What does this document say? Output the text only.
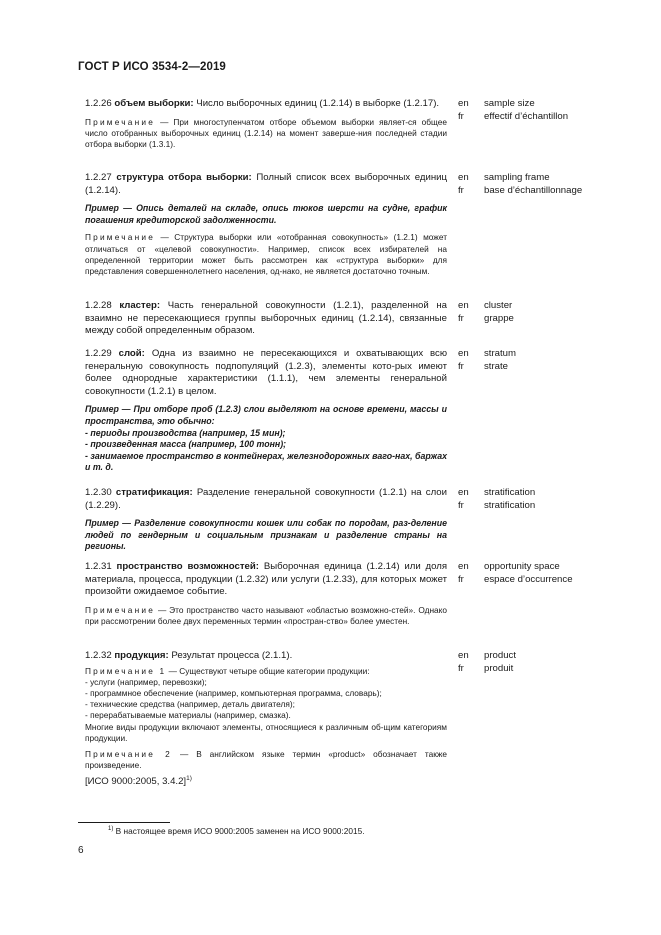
ГОСТ Р ИСО 3534-2—2019
1.2.26 объем выборки: Число выборочных единиц (1.2.14) в выборке (1.2.17).
Примечание — При многоступенчатом отборе объемом выборки являет-ся общее число отобранных выборочных единиц (1.2.14) на момент заверше-ния последней стадии отбора выборки (1.3.1).
en	sample size
fr	effectif d’échantillon
1.2.27 структура отбора выборки: Полный список всех выборочных единиц (1.2.14).
Пример — Опись деталей на складе, опись тюков шерсти на судне, график погашения кредиторской задолженности.
Примечание — Структура выборки или «отобранная совокупность» (1.2.1) может отличаться от «целевой совокупности». Например, список всех избирателей на определенной территории может быть рассмотрен как «структура выборки» для представления совершеннолетнего населения, од-нако, не является достаточно точным.
en	sampling frame
fr	base d’échantillonnage
1.2.28 кластер: Часть генеральной совокупности (1.2.1), разделенной на взаимно не пересекающиеся группы выборочных единиц (1.2.14), связанные между собой определенным образом.
en	cluster
fr	grappe
1.2.29 слой: Одна из взаимно не пересекающихся и охватывающих всю генеральную совокупность подпопуляций (1.2.3), элементы кото-рых имеют более однородные характеристики (1.1.1), чем элементы генеральной совокупности (1.2.1) в целом.
Пример — При отборе проб (1.2.3) слои выделяют на основе времени, массы и пространства, это обычно:
- периоды производства (например, 15 мин);
- произведенная масса (например, 100 тонн);
- занимаемое пространство в контейнерах, железнодорожных ваго-нах, баржах и т. д.
en	stratum
fr	strate
1.2.30 стратификация: Разделение генеральной совокупности (1.2.1) на слои (1.2.29).
Пример — Разделение совокупности кошек или собак по породам, раз-деление людей по гендерным и социальным признакам и разделение страны на регионы.
en	stratification
fr	stratification
1.2.31 пространство возможностей: Выборочная единица (1.2.14) или доля материала, процесса, продукции (1.2.32) или услуги (1.2.33), для которых может произойти ожидаемое событие.
Примечание — Это пространство часто называют «областью возможно-стей». Однако при рассмотрении более двух переменных термин «простран-ство» более уместен.
en	opportunity space
fr	espace d’occurrence
1.2.32 продукция: Результат процесса (2.1.1).
Примечание 1 — Существуют четыре общие категории продукции:
- услуги (например, перевозки);
- программное обеспечение (например, компьютерная программа, словарь);
- технические средства (например, деталь двигателя);
- перерабатываемые материалы (например, смазка).
Многие виды продукции включают элементы, относящиеся к различным об-щим категориям продукции.
Примечание 2 — В английском языке термин «product» обозначает также произведение.
[ИСО 9000:2005, 3.4.2]$^{1)}$
en	product
fr	produit
$^{1)}$ В настоящее время ИСО 9000:2005 заменен на ИСО 9000:2015.
6
